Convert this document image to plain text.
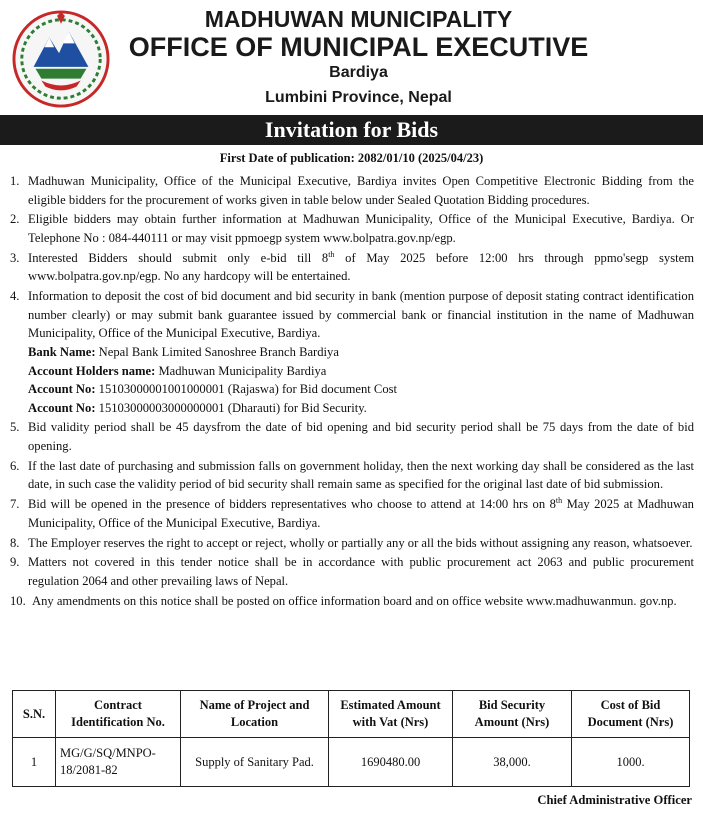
MADHUWAN MUNICIPALITY
OFFICE OF MUNICIPAL EXECUTIVE
Bardiya
Lumbini Province, Nepal
Invitation for Bids
First Date of publication: 2082/01/10 (2025/04/23)
1. Madhuwan Municipality, Office of the Municipal Executive, Bardiya invites Open Competitive Electronic Bidding from the eligible bidders for the procurement of works given in table below under Sealed Quotation Bidding procedures.
2. Eligible bidders may obtain further information at Madhuwan Municipality, Office of the Municipal Executive, Bardiya. Or Telephone No : 084-440111 or may visit ppmoegp system www.bolpatra.gov.np/egp.
3. Interested Bidders should submit only e-bid till 8th of May 2025 before 12:00 hrs through ppmo'segp system www.bolpatra.gov.np/egp. No any hardcopy will be entertained.
4. Information to deposit the cost of bid document and bid security in bank (mention purpose of deposit stating contract identification number clearly) or may submit bank guarantee issued by commercial bank or financial institution in the name of Madhuwan Municipality, Office of the Municipal Executive, Bardiya.
Bank Name: Nepal Bank Limited Sanoshree Branch Bardiya
Account Holders name: Madhuwan Municipality Bardiya
Account No: 15103000001001000001 (Rajaswa) for Bid document Cost
Account No: 15103000003000000001 (Dharauti) for Bid Security.
5. Bid validity period shall be 45 daysfrom the date of bid opening and bid security period shall be 75 days from the date of bid opening.
6. If the last date of purchasing and submission falls on government holiday, then the next working day shall be considered as the last date, in such case the validity period of bid security shall remain same as specified for the original last date of bid submission.
7. Bid will be opened in the presence of bidders representatives who choose to attend at 14:00 hrs on 8th May 2025 at Madhuwan Municipality, Office of the Municipal Executive, Bardiya.
8. The Employer reserves the right to accept or reject, wholly or partially any or all the bids without assigning any reason, whatsoever.
9. Matters not covered in this tender notice shall be in accordance with public procurement act 2063 and public procurement regulation 2064 and other prevailing laws of Nepal.
10. Any amendments on this notice shall be posted on office information board and on office website www.madhuwanmun. gov.np.
S.N.	Contract Identification No.	Name of Project and Location	Estimated Amount with Vat (Nrs)	Bid Security Amount (Nrs)	Cost of Bid Document (Nrs)
1	MG/G/SQ/MNPO-18/2081-82	Supply of Sanitary Pad.	1690480.00	38,000.	1000.
Chief Administrative Officer
